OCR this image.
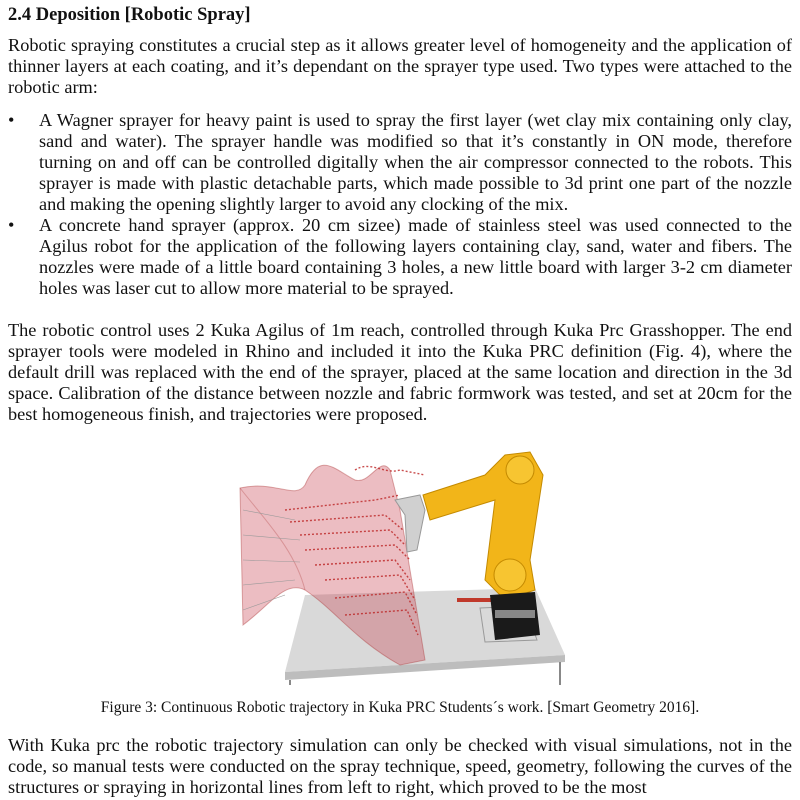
2.4 Deposition [Robotic Spray]
Robotic spraying constitutes a crucial step as it allows greater level of homogeneity and the application of thinner layers at each coating, and it’s dependant on the sprayer type used. Two types were attached to the robotic arm:
• A Wagner sprayer for heavy paint is used to spray the first layer (wet clay mix containing only clay, sand and water). The sprayer handle was modified so that it’s constantly in ON mode, therefore turning on and off can be controlled digitally when the air compressor connected to the robots. This sprayer is made with plastic detachable parts, which made possible to 3d print one part of the nozzle and making the opening slightly larger to avoid any clocking of the mix.
• A concrete hand sprayer (approx. 20 cm sizee) made of stainless steel was used connected to the Agilus robot for the application of the following layers containing clay, sand, water and fibers. The nozzles were made of a little board containing 3 holes, a new little board with larger 3-2 cm diameter holes was laser cut to allow more material to be sprayed.
The robotic control uses 2 Kuka Agilus of 1m reach, controlled through Kuka Prc Grasshopper. The end sprayer tools were modeled in Rhino and included it into the Kuka PRC definition (Fig. 4), where the default drill was replaced with the end of the sprayer, placed at the same location and direction in the 3d space. Calibration of the distance between nozzle and fabric formwork was tested, and set at 20cm for the best homogeneous finish, and trajectories were proposed.
Figure 3: Continuous Robotic trajectory in Kuka PRC Students´s work. [Smart Geometry 2016].
With Kuka prc the robotic trajectory simulation can only be checked with visual simulations, not in the code, so manual tests were conducted on the spray technique, speed, geometry, following the curves of the structures or spraying in horizontal lines from left to right, which proved to be the most
